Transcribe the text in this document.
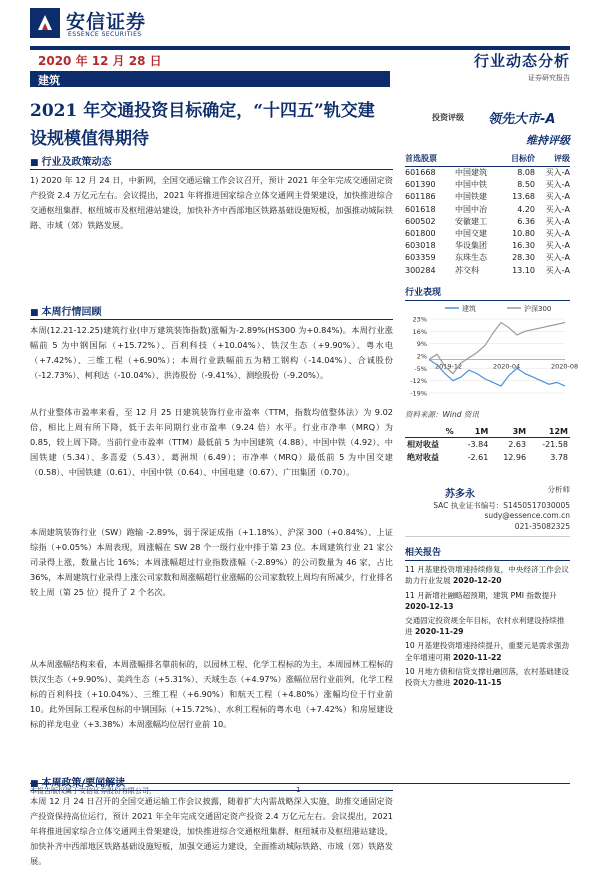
安信证券
ESSENCE SECURITIES
2020 年 12 月 28 日
建筑
行业动态分析
证券研究报告
2021 年交通投资目标确定，“十四五”轨交建设规模值得期待
投资评级 领先大市-A
维持评级
■ 行业及政策动态
1) 2020 年 12 月 24 日，中新网，全国交通运输工作会议召开，预计 2021 年全年完成交通固定资产投资 2.4 万亿元左右。会议提出，2021 年将推进国家综合立体交通网主骨架建设，加快推进综合交通枢纽集群、枢纽城市及枢纽港站建设，加快补齐中西部地区铁路基础设施短板，加强推动城际铁路、市域（郊）铁路发展。
■ 本周行情回顾
本周(12.21-12.25)建筑行业(申万建筑装饰指数)涨幅为-2.89%(HS300 为+0.84%)。本周行业涨幅前 5 为中钢国际（+15.72%）、百利科技（+10.04%）、铁汉生态（+9.90%）、粤水电（+7.42%）、三维工程（+6.90%）；本周行业跌幅前五为精工钢构（-14.04%）、合诚股份（-12.73%）、柯利达（-10.04%）、洪涛股份（-9.41%）、测绘股份（-9.20%）。
从行业整体市盈率来看，至 12 月 25 日建筑装饰行业市盈率（TTM，指数均值整体法）为 9.02 倍，相比上周有所下降，低于去年同期行业市盈率（9.24 倍）水平。行业市净率（MRQ）为 0.85，较上周下降。当前行业市盈率（TTM）最低前 5 为中国建筑（4.88）、中国中铁（4.92）、中国铁建（5.34）、多喜爱（5.43）、葛洲坝（6.49）；市净率（MRQ）最低前 5 为中国交建（0.58）、中国铁建（0.61）、中国中铁（0.64）、中国电建（0.67）、广田集团（0.70）。
本周建筑装饰行业（SW）跑输 -2.89%，弱于深证成指（+1.18%）、沪深 300（+0.84%）、上证综指（+0.05%）本周表现，周涨幅在 SW 28 个一级行业中排于第 23 位。本周建筑行业 21 家公司录得上涨，数量占比 16%；本周涨幅超过行业指数涨幅（-2.89%）的公司数量为 46 家，占比 36%，本周建筑行业录得上涨公司家数和周涨幅超行业涨幅的公司家数较上周均有所减少，行业排名较上周（第 25 位）提升了 2 个名次。
从本周涨幅结构来看，本周涨幅排名靠前标的，以园林工程、化学工程标的为主，本周园林工程标的铁汉生态（+9.90%）、美尚生态（+5.31%）、天域生态（+4.97%）涨幅位居行业前列，化学工程标的百利科技（+10.04%）、三维工程（+6.90%）和航天工程（+4.80%）涨幅均位于行业前 10。此外国际工程承包标的中钢国际（+15.72%）、水利工程标的粤水电（+7.42%）和房屋建设标的祥龙电业（+3.38%）本周涨幅均位居行业前 10。
■
本周 12 月 24 日召开的全国交通运输工作会议披露，随着扩大内需战略深入实施，助推交通固定资产投资保持高位运行，预计 2021 年全年完成交通固定资产投资 2.4 万亿元左右。会议提出，2021 年将推进国家综合立体交通网主骨架建设，加快推进综合交通枢纽集群、枢纽城市及枢纽港站建设，加快补齐中西部地区铁路基础设施短板，加强交通运力建设，全面推动城际铁路、市域（郊）铁路发展。
首选股票	目标价	评级
601668	中国建筑	8.08	买入-A
601390	中国中铁	8.50	买入-A
601186	中国铁建	13.68	买入-A
601618	中国中冶	4.20	买入-A
600502	安徽建工	6.36	买入-A
601800	中国交建	10.80	买入-A
603018	华设集团	16.30	买入-A
603359	东珠生态	28.30	买入-A
300284	苏交科	13.10	买入-A
行业表现
建筑	沪深300
23%
16%
9%
2%
-5%
-12%
-19%
2019-12	2020-04	2020-08
资料来源：Wind 资讯
%	1M	3M	12M
相对收益	-3.84	2.63	-21.58
绝对收益	-2.61	12.96	3.78
苏多永	分析师
SAC 执业证书编号：S1450517030005
sudy@essence.com.cn
021-35082325
相关报告
11 月基建投资增速持续修复，中央经济工作会议助力行业发展 2020-12-20
11 月新增社融略超预期，建筑 PMI 指数提升 2020-12-13
交通固定投资规全年目标，农村水利建设持续推进 2020-11-29
10 月基建投资增速持续提升，重要元是需求强劲全年增速可期 2020-11-22
10 月地方债和信贷支撑社融回落，农村基础建设投资大力推进 2020-11-15
本报告版权属于安信证券股份有限公司，	1
